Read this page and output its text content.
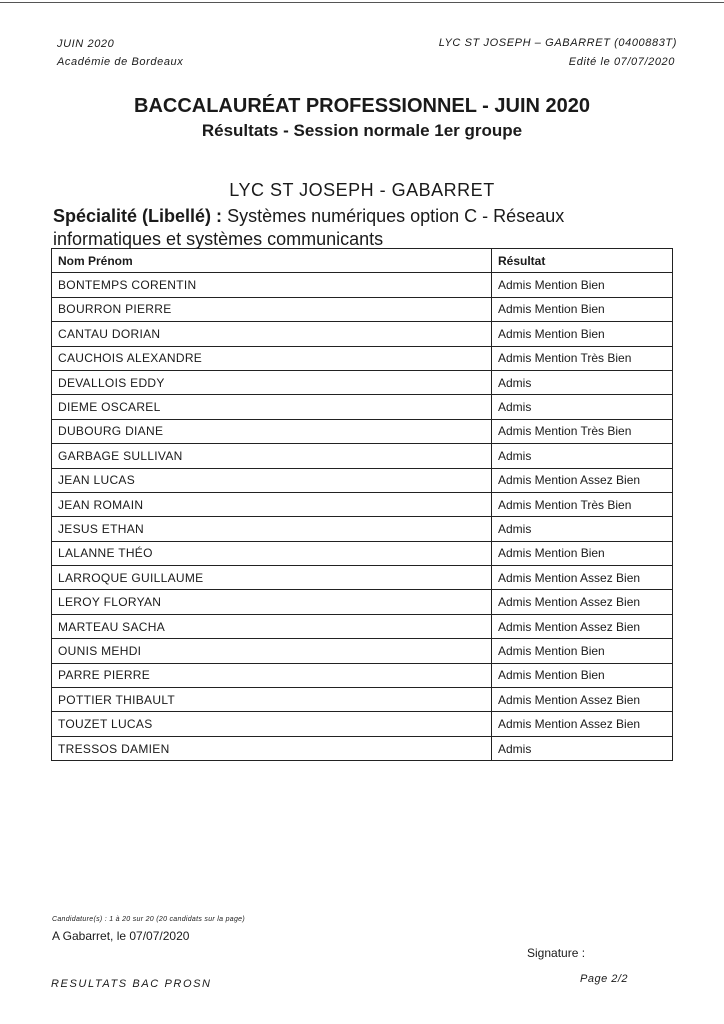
JUIN 2020
Académie de Bordeaux
LYC ST JOSEPH – GABARRET (0400883T)
Edité le 07/07/2020
BACCALAURÉAT PROFESSIONNEL - JUIN 2020
Résultats - Session normale 1er groupe
LYC ST JOSEPH - GABARRET
Spécialité (Libellé) : Systèmes numériques option C - Réseaux informatiques et systèmes communicants
Nom Prénom	Résultat
BONTEMPS CORENTIN	Admis Mention Bien
BOURRON PIERRE	Admis Mention Bien
CANTAU DORIAN	Admis Mention Bien
CAUCHOIS ALEXANDRE	Admis Mention Très Bien
DEVALLOIS EDDY	Admis
DIEME OSCAREL	Admis
DUBOURG DIANE	Admis Mention Très Bien
GARBAGE SULLIVAN	Admis
JEAN LUCAS	Admis Mention Assez Bien
JEAN ROMAIN	Admis Mention Très Bien
JESUS ETHAN	Admis
LALANNE THÉO	Admis Mention Bien
LARROQUE GUILLAUME	Admis Mention Assez Bien
LEROY FLORYAN	Admis Mention Assez Bien
MARTEAU SACHA	Admis Mention Assez Bien
OUNIS MEHDI	Admis Mention Bien
PARRE PIERRE	Admis Mention Bien
POTTIER THIBAULT	Admis Mention Assez Bien
TOUZET LUCAS	Admis Mention Assez Bien
TRESSOS DAMIEN	Admis
Candidature(s) : 1 à 20 sur 20 (20 candidats sur la page)
A Gabarret, le 07/07/2020
Signature :
RESULTATS BAC PROSN	Page 2/2
